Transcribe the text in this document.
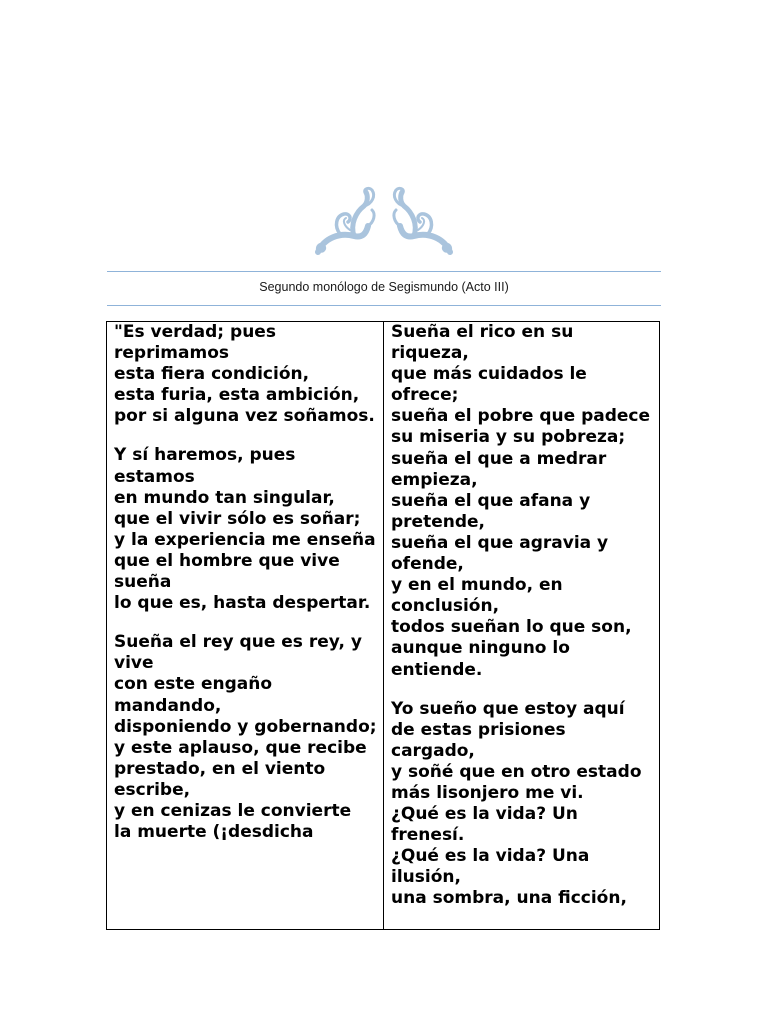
Segundo monólogo de Segismundo (Acto III)
"Es verdad; pues reprimamos
esta fiera condición,
esta furia, esta ambición,
por si alguna vez soñamos.
Y sí haremos, pues estamos
en mundo tan singular,
que el vivir sólo es soñar;
y la experiencia me enseña
que el hombre que vive sueña
lo que es, hasta despertar.
Sueña el rey que es rey, y vive
con este engaño mandando,
disponiendo y gobernando;
y este aplauso, que recibe
prestado, en el viento escribe,
y en cenizas le convierte
la muerte (¡desdicha
Sueña el rico en su riqueza,
que más cuidados le ofrece;
sueña el pobre que padece
su miseria y su pobreza;
sueña el que a medrar empieza,
sueña el que afana y pretende,
sueña el que agravia y ofende,
y en el mundo, en conclusión,
todos sueñan lo que son,
aunque ninguno lo entiende.
Yo sueño que estoy aquí
de estas prisiones cargado,
y soñé que en otro estado
más lisonjero me vi.
¿Qué es la vida? Un frenesí.
¿Qué es la vida? Una ilusión,
una sombra, una ficción,
